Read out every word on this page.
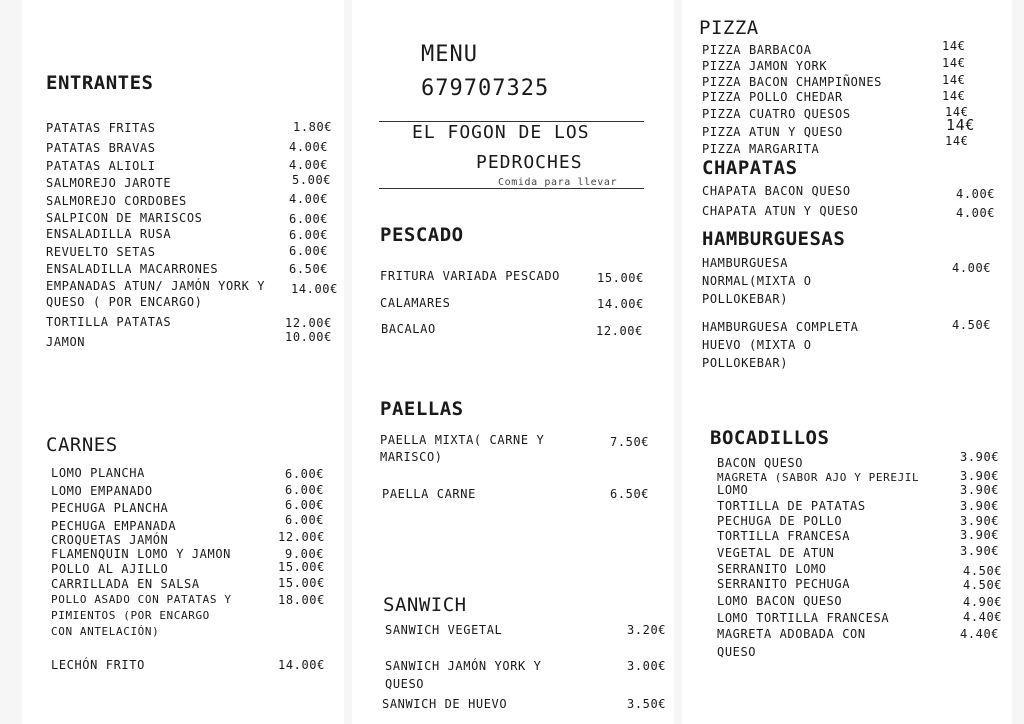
MENU
679707325
EL FOGON DE LOS
PEDROCHES
Comida para llevar
ENTRANTES
PATATAS FRITAS	1.80€
PATATAS BRAVAS	4.00€
PATATAS ALIOLI	4.00€
SALMOREJO JAROTE	5.00€
SALMOREJO CORDOBES	4.00€
SALPICON DE MARISCOS	6.00€
ENSALADILLA RUSA	6.00€
REVUELTO SETAS	6.00€
ENSALADILLA MACARRONES	6.50€
EMPANADAS ATUN/ JAMÓN YORK Y QUESO ( POR ENCARGO)
14.00€
TORTILLA PATATAS	12.00€
JAMON	10.00€
CARNES
LOMO PLANCHA	6.00€
LOMO EMPANADO	6.00€
PECHUGA PLANCHA	6.00€
PECHUGA EMPANADA	6.00€
CROQUETAS JAMÓN	12.00€
FLAMENQUIN LOMO Y JAMON	9.00€
POLLO AL AJILLO	15.00€
CARRILLADA EN SALSA	15.00€
POLLO ASADO CON PATATAS Y PIMIENTOS (POR ENCARGO CON ANTELACIÓN)
18.00€
LECHÓN FRITO	14.00€
PESCADO
FRITURA VARIADA PESCADO	15.00€
CALAMARES	14.00€
BACALAO	12.00€
PAELLAS
PAELLA MIXTA( CARNE Y MARISCO)
7.50€
PAELLA CARNE	6.50€
SANWICH
SANWICH VEGETAL	3.20€
SANWICH JAMÓN YORK Y QUESO
3.00€
SANWICH DE HUEVO	3.50€
PIZZA
PIZZA BARBACOA	14€
PIZZA JAMON YORK	14€
PIZZA BACON CHAMPIÑONES	14€
PIZZA POLLO CHEDAR	14€
PIZZA CUATRO QUESOS	14€
PIZZA ATUN Y QUESO	14€
PIZZA MARGARITA
14€
CHAPATAS
CHAPATA BACON QUESO	4.00€
CHAPATA ATUN Y QUESO	4.00€
HAMBURGUESAS
HAMBURGUESA NORMAL(MIXTA O POLLOKEBAR)
4.00€
HAMBURGUESA COMPLETA HUEVO (MIXTA O POLLOKEBAR)
4.50€
BOCADILLOS
BACON QUESO	3.90€
MAGRETA (SABOR AJO Y PEREJIL	3.90€
LOMO	3.90€
TORTILLA DE PATATAS	3.90€
PECHUGA DE POLLO	3.90€
TORTILLA FRANCESA	3.90€
VEGETAL DE ATUN	3.90€
SERRANITO LOMO	4.50€
SERRANITO PECHUGA	4.50€
LOMO BACON QUESO	4.90€
LOMO TORTILLA FRANCESA	4.40€
MAGRETA ADOBADA CON QUESO
4.40€
